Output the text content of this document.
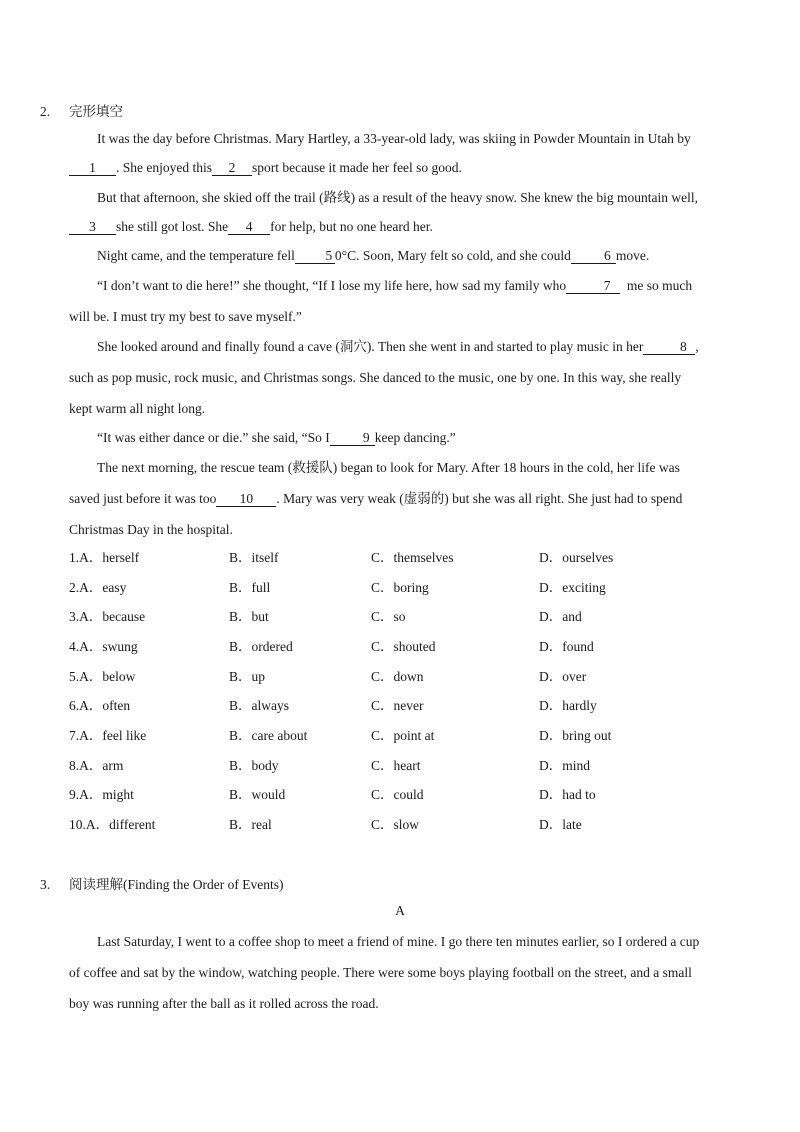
2. 完形填空
It was the day before Christmas. Mary Hartley, a 33-year-old lady, was skiing in Powder Mountain in Utah by
1 . She enjoyed this 2 sport because it made her feel so good.
But that afternoon, she skied off the trail (路线) as a result of the heavy snow. She knew the big mountain well,
3 she still got lost. She 4 for help, but no one heard her.
Night came, and the temperature fell 5 0°C. Soon, Mary felt so cold, and she could 6 move.
“I don’t want to die here!” she thought, “If I lose my life here, how sad my family who	7 me so much
will be. I must try my best to save myself.”
She looked around and finally found a cave (洞穴). Then she went in and started to play music in her	8 ,
such as pop music, rock music, and Christmas songs. She danced to the music, one by one. In this way, she really
kept warm all night long.
“It was either dance or die.” she said, “So I 9 keep dancing.”
The next morning, the rescue team (救援队) began to look for Mary. After 18 hours in the cold, her life was
saved just before it was too 10 . Mary was very weak (虚弱的) but she was all right. She just had to spend
Christmas Day in the hospital.
1.A．herself	B．itself	C．themselves	D．ourselves
2.A．easy	B．full	C．boring	D．exciting
3.A．because	B．but	C．so	D．and
4.A．swung	B．ordered	C．shouted	D．found
5.A．below	B．up	C．down	D．over
6.A．often	B．always	C．never	D．hardly
7.A．feel like	B．care about	C．point at	D．bring out
8.A．arm	B．body	C．heart	D．mind
9.A．might	B．would	C．could	D．had to
10.A．different	B．real	C．slow	D．late
3. 阅读理解(Finding the Order of Events)
A
Last Saturday, I went to a coffee shop to meet a friend of mine. I go there ten minutes earlier, so I ordered a cup
of coffee and sat by the window, watching people. There were some boys playing football on the street, and a small
boy was running after the ball as it rolled across the road.
